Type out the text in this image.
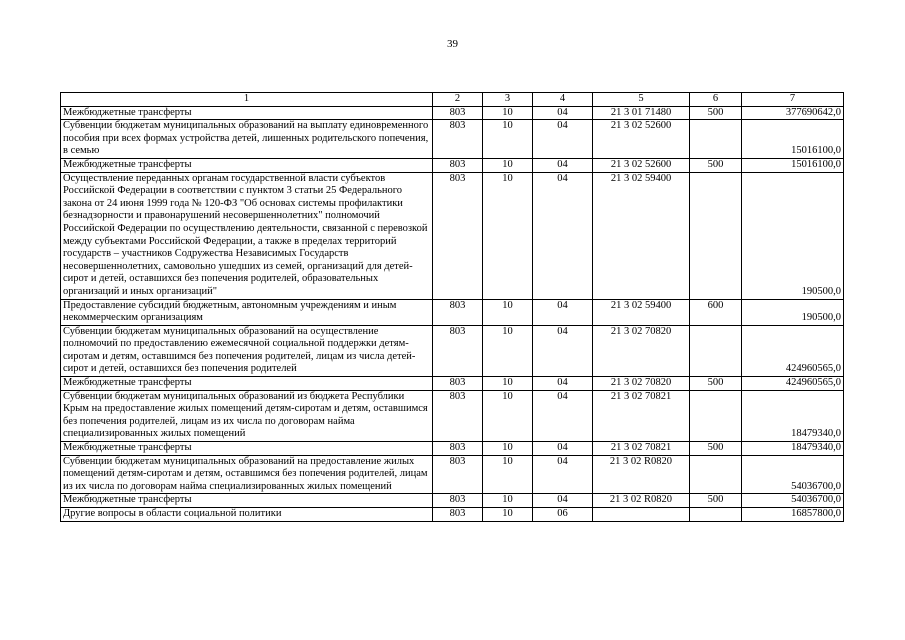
39
1	2	3	4	5	6	7
Межбюджетные трансферты	803	10	04	21 3 01 71480	500	377690642,0
Субвенции бюджетам муниципальных образований на выплату единовременного пособия при всех формах устройства детей, лишенных родительского попечения, в семью	803	10	04	21 3 02 52600		15016100,0
Межбюджетные трансферты	803	10	04	21 3 02 52600	500	15016100,0
Осуществление переданных органам государственной власти субъектов Российской Федерации в соответствии с пунктом 3 статьи 25 Федерального закона от 24 июня 1999 года № 120-ФЗ "Об основах системы профилактики безнадзорности и правонарушений несовершеннолетних" полномочий Российской Федерации по осуществлению деятельности, связанной с перевозкой между субъектами Российской Федерации, а также в пределах территорий государств – участников Содружества Независимых Государств несовершеннолетних, самовольно ушедших из семей, организаций для детей-сирот и детей, оставшихся без попечения родителей, образовательных организаций и иных организаций"	803	10	04	21 3 02 59400		190500,0
Предоставление субсидий бюджетным, автономным учреждениям и иным некоммерческим организациям	803	10	04	21 3 02 59400	600	190500,0
Субвенции бюджетам муниципальных образований на осуществление полномочий по предоставлению ежемесячной социальной поддержки детям-сиротам и детям, оставшимся без попечения родителей, лицам из числа детей-сирот и детей, оставшихся без попечения родителей	803	10	04	21 3 02 70820		424960565,0
Межбюджетные трансферты	803	10	04	21 3 02 70820	500	424960565,0
Субвенции бюджетам муниципальных образований из бюджета Республики Крым на предоставление жилых помещений детям-сиротам и детям, оставшимся без попечения родителей, лицам из их числа по договорам найма специализированных жилых помещений	803	10	04	21 3 02 70821		18479340,0
Межбюджетные трансферты	803	10	04	21 3 02 70821	500	18479340,0
Субвенции бюджетам муниципальных образований на предоставление жилых помещений детям-сиротам и детям, оставшимся без попечения родителей, лицам из их числа по договорам найма специализированных жилых помещений	803	10	04	21 3 02 R0820		54036700,0
Межбюджетные трансферты	803	10	04	21 3 02 R0820	500	54036700,0
Другие вопросы в области социальной политики	803	10	06			16857800,0
